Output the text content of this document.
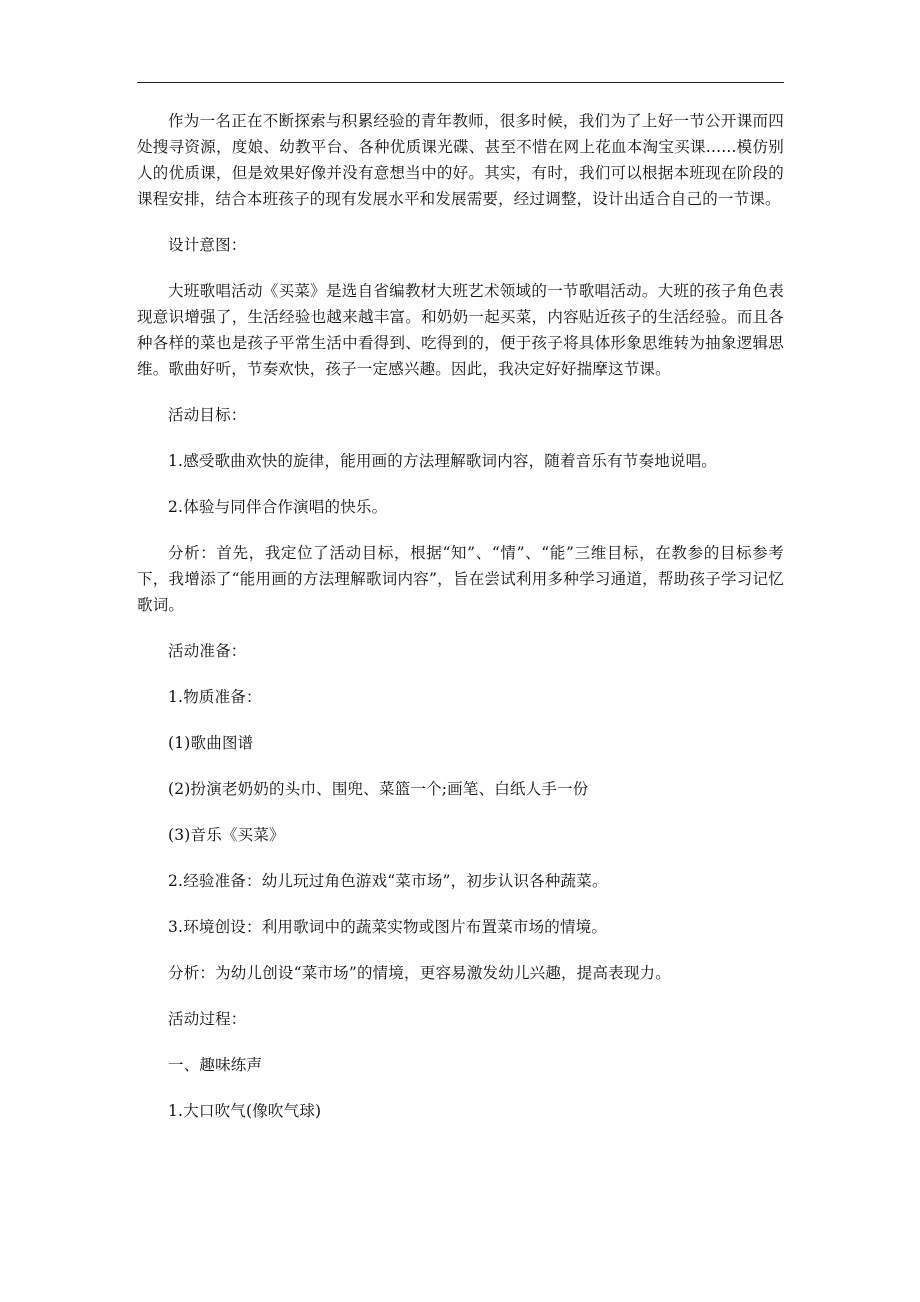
作为一名正在不断探索与积累经验的青年教师，很多时候，我们为了上好一节公开课而四处搜寻资源，度娘、幼教平台、各种优质课光碟、甚至不惜在网上花血本淘宝买课......模仿别人的优质课，但是效果好像并没有意想当中的好。其实，有时，我们可以根据本班现在阶段的课程安排，结合本班孩子的现有发展水平和发展需要，经过调整，设计出适合自己的一节课。

设计意图：

大班歌唱活动《买菜》是选自省编教材大班艺术领域的一节歌唱活动。大班的孩子角色表现意识增强了，生活经验也越来越丰富。和奶奶一起买菜，内容贴近孩子的生活经验。而且各种各样的菜也是孩子平常生活中看得到、吃得到的，便于孩子将具体形象思维转为抽象逻辑思维。歌曲好听，节奏欢快，孩子一定感兴趣。因此，我决定好好揣摩这节课。

活动目标：

1.感受歌曲欢快的旋律，能用画的方法理解歌词内容，随着音乐有节奏地说唱。

2.体验与同伴合作演唱的快乐。

分析：首先，我定位了活动目标，根据“知”、“情”、“能”三维目标，在教参的目标参考下，我增添了“能用画的方法理解歌词内容”，旨在尝试利用多种学习通道，帮助孩子学习记忆歌词。

活动准备：

1.物质准备：

(1)歌曲图谱

(2)扮演老奶奶的头巾、围兜、菜篮一个;画笔、白纸人手一份

(3)音乐《买菜》

2.经验准备：幼儿玩过角色游戏“菜市场”，初步认识各种蔬菜。

3.环境创设：利用歌词中的蔬菜实物或图片布置菜市场的情境。

分析：为幼儿创设“菜市场”的情境，更容易激发幼儿兴趣，提高表现力。

活动过程：

一、趣味练声

1.大口吹气(像吹气球)
